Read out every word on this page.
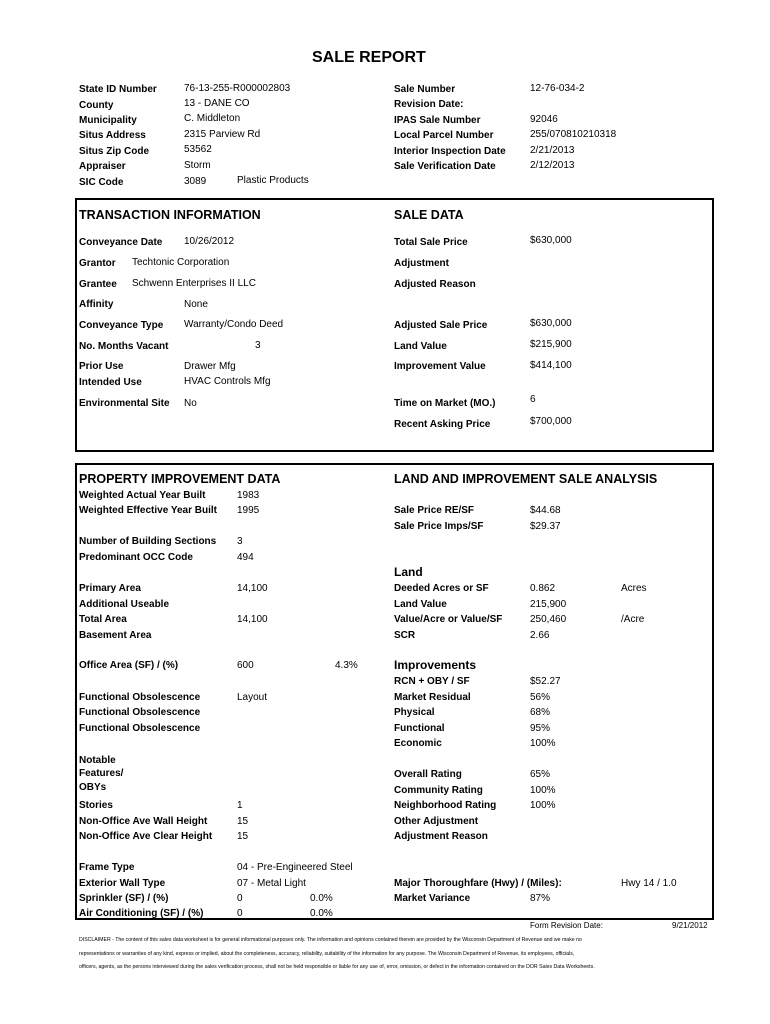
SALE REPORT
State ID Number	76-13-255-R000002803
County	13 - DANE CO
Municipality	C. Middleton
Situs Address	2315 Parview Rd
Situs Zip Code	53562
Appraiser	Storm
SIC Code	3089	Plastic Products
Sale Number	12-76-034-2
Revision Date:
IPAS Sale Number	92046
Local Parcel Number	255/070810210318
Interior Inspection Date 2/21/2013
Sale Verification Date	2/12/2013
TRANSACTION INFORMATION	SALE DATA
Conveyance Date 10/26/2012
Grantor Techtonic Corporation
Grantee Schwenn Enterprises II LLC
Affinity	None
Conveyance Type Warranty/Condo Deed
No. Months Vacant	3
Prior Use	Drawer Mfg
Intended Use	HVAC Controls Mfg
Environmental Site No
Total Sale Price	$630,000
Adjustment
Adjusted Reason
Adjusted Sale Price	$630,000
Land Value	$215,900
Improvement Value	$414,100
Time on Market (MO.)	6
Recent Asking Price	$700,000
PROPERTY IMPROVEMENT DATA	LAND AND IMPROVEMENT SALE ANALYSIS
Weighted Actual Year Built	1983
Weighted Effective Year Built 1995
Number of Building Sections 3
Predominant OCC Code	494
Primary Area	14,100
Additional Useable
Total Area	14,100
Basement Area
Office Area (SF) / (%)	600	4.3%
Functional Obsolescence	Layout
Functional Obsolescence
Functional Obsolescence
Notable
Features/
OBYs
Stories	1
Non-Office Ave Wall Height	15
Non-Office Ave Clear Height 15
Frame Type	04 - Pre-Engineered Steel
Exterior Wall Type	07 - Metal Light
Sprinkler (SF) / (%)	0	0.0%
Air Conditioning (SF) / (%)	0	0.0%
Sale Price RE/SF	$44.68
Sale Price Imps/SF	$29.37
Land
Deeded Acres or SF	0.862	Acres
Land Value	215,900
Value/Acre or Value/SF	250,460	/Acre
SCR	2.66
Improvements
RCN + OBY / SF	$52.27
Market Residual	56%
Physical	68%
Functional	95%
Economic	100%
Overall Rating	65%
Community Rating	100%
Neighborhood Rating	100%
Other Adjustment
Adjustment Reason
Major Thoroughfare (Hwy) / (Miles):	Hwy 14 / 1.0
Market Variance	87%
Form Revision Date:	9/21/2012
DISCLAIMER - The content of this sales data worksheet is for general informational purposes only. The information and opinions contained therein are provided by the Wisconsin Department of Revenue and we make no
representations or warranties of any kind, express or implied, about the completeness, accuracy, reliability, suitability of the information for any purpose. The Wisconsin Department of Revenue, its employees, officials,
officers, agents, as the persons interviewed during the sales verification process, shall not be held responsible or liable for any use of, error, omission, or defect in the information contained on the DOR Sales Data Worksheets.
